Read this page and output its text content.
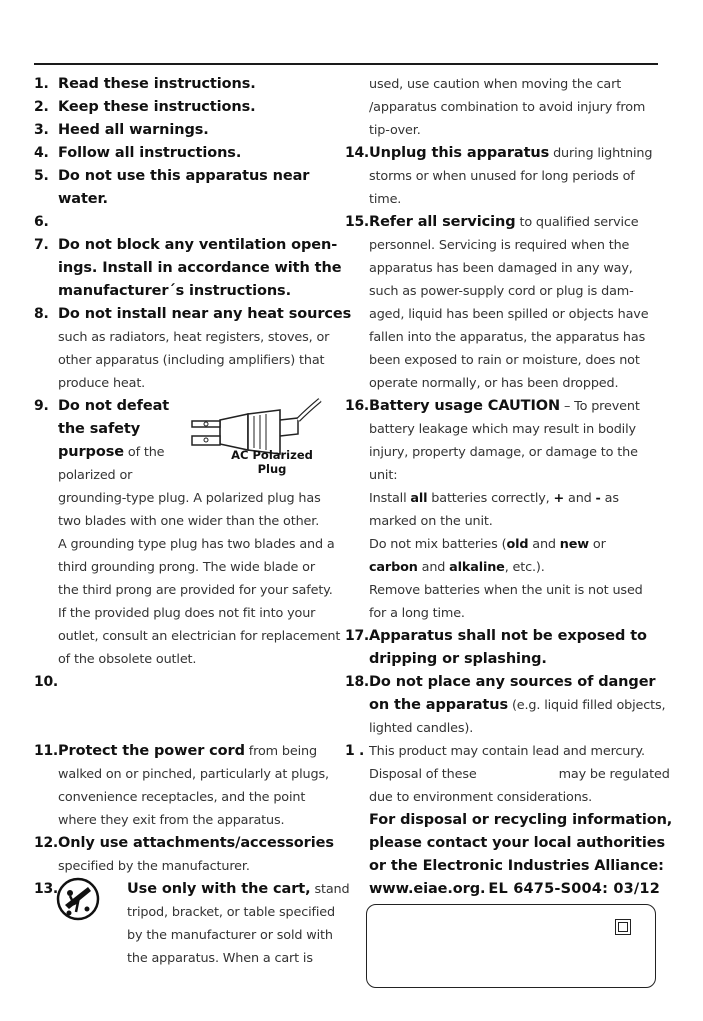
1. Read these instructions.
2. Keep these instructions.
3. Heed all warnings.
4. Follow all instructions.
5. Do not use this apparatus near
water.
6.
7. Do not block any ventilation open-
ings. Install in accordance with the
manufacturer´s instructions.
8. Do not install near any heat sources
such as radiators, heat registers, stoves, or
other apparatus (including amplifiers) that
produce heat.
9. Do not defeat
the safety
purpose of the
polarized or
grounding-type plug. A polarized plug has
two blades with one wider than the other.
A grounding type plug has two blades and a
third grounding prong. The wide blade or
the third prong are provided for your safety.
If the provided plug does not fit into your
outlet, consult an electrician for replacement
of the obsolete outlet.
10.
11. Protect the power cord from being
walked on or pinched, particularly at plugs,
convenience receptacles, and the point
where they exit from the apparatus.
12. Only use attachments/accessories
specified by the manufacturer.
13.	Use only with the cart, stand
tripod, bracket, or table specified
by the manufacturer or sold with
the apparatus. When a cart is
AC Polarized
Plug
used, use caution when moving the cart
/apparatus combination to avoid injury from
tip-over.
14. Unplug this apparatus during lightning
storms or when unused for long periods of
time.
15. Refer all servicing to qualified service
personnel. Servicing is required when the
apparatus has been damaged in any way,
such as power-supply cord or plug is dam-
aged, liquid has been spilled or objects have
fallen into the apparatus, the apparatus has
been exposed to rain or moisture, does not
operate normally, or has been dropped.
16. Battery usage CAUTION – To prevent
battery leakage which may result in bodily
injury, property damage, or damage to the
unit:
Install all batteries correctly, + and - as
marked on the unit.
Do not mix batteries (old and new or
carbon and alkaline, etc.).
Remove batteries when the unit is not used
for a long time.
17. Apparatus shall not be exposed to
dripping or splashing.
18. Do not place any sources of danger
on the apparatus (e.g. liquid filled objects,
lighted candles).
1 . This product may contain lead and mercury.
Disposal of these	may be regulated
due to environment considerations.
For disposal or recycling information,
please contact your local authorities
or the Electronic Industries Alliance:
www.eiae.org. EL 6475-S004: 03/12
